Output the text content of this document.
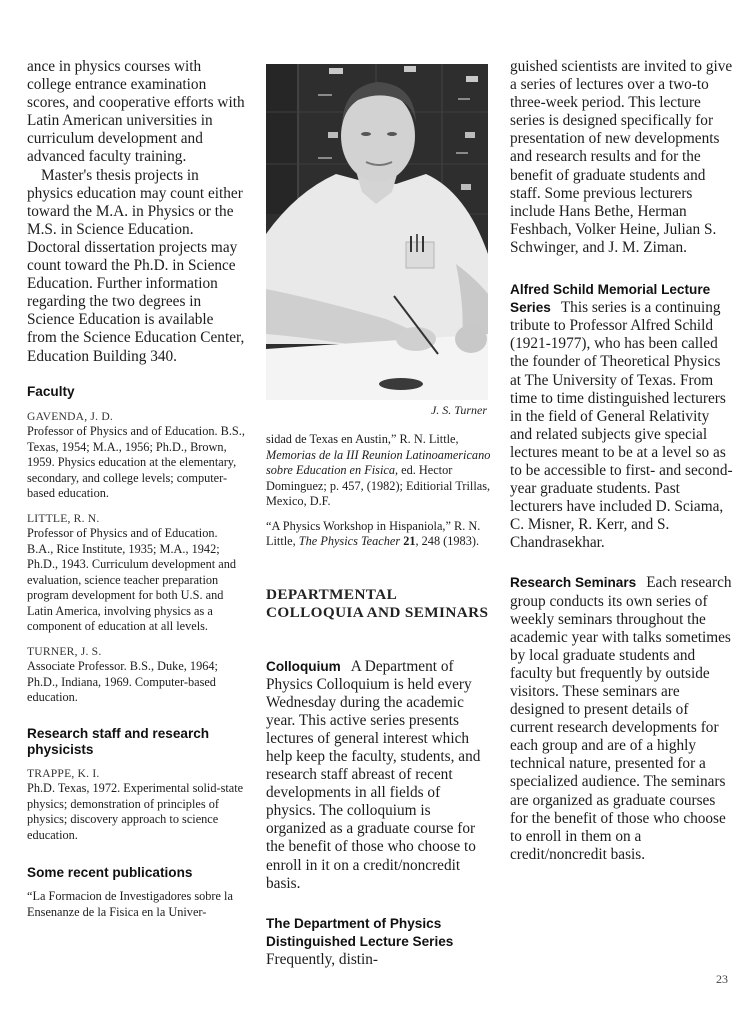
ance in physics courses with college entrance examination scores, and cooperative efforts with Latin American universities in curriculum development and advanced faculty training.

Master's thesis projects in physics education may count either toward the M.A. in Physics or the M.S. in Science Education. Doctoral dissertation projects may count toward the Ph.D. in Science Education. Further information regarding the two degrees in Science Education is available from the Science Education Center, Education Building 340.

Faculty

GAVENDA, J. D.

Professor of Physics and of Education. B.S., Texas, 1954; M.A., 1956; Ph.D., Brown, 1959. Physics education at the elementary, secondary, and college levels; computer-based education.

LITTLE, R. N.

Professor of Physics and of Education. B.A., Rice Institute, 1935; M.A., 1942; Ph.D., 1943. Curriculum development and evaluation, science teacher preparation program development for both U.S. and Latin America, involving physics as a component of education at all levels.

TURNER, J. S.

Associate Professor. B.S., Duke, 1964; Ph.D., Indiana, 1969. Computer-based education.

Research staff and research physicists

TRAPPE, K. I.

Ph.D. Texas, 1972. Experimental solid-state physics; demonstration of principles of physics; discovery approach to science education.

Some recent publications

“La Formacion de Investigadores sobre la Ensenanze de la Fisica en la Univer-

J. S. Turner

sidad de Texas en Austin,” R. N. Little, Memorias de la III Reunion Latinoamericano sobre Education en Fisica, ed. Hector Dominguez; p. 457, (1982); Editiorial Trillas, Mexico, D.F.

“A Physics Workshop in Hispaniola,” R. N. Little, The Physics Teacher 21, 248 (1983).

DEPARTMENTAL COLLOQUIA AND SEMINARS

Colloquium A Department of Physics Colloquium is held every Wednesday during the academic year. This active series presents lectures of general interest which help keep the faculty, students, and research staff abreast of recent developments in all fields of physics. The colloquium is organized as a graduate course for the benefit of those who choose to enroll in it on a credit/noncredit basis.

The Department of Physics Distinguished Lecture SeriesFrequently, distin-

guished scientists are invited to give a series of lectures over a two-to three-week period. This lecture series is designed specifically for presentation of new developments and research results and for the benefit of graduate students and staff. Some previous lecturers include Hans Bethe, Herman Feshbach, Volker Heine, Julian S. Schwinger, and J. M. Ziman.

Alfred Schild Memorial Lecture Series This series is a continuing tribute to Professor Alfred Schild (1921-1977), who has been called the founder of Theoretical Physics at The University of Texas. From time to time distinguished lecturers in the field of General Relativity and related subjects give special lectures meant to be at a level so as to be accessible to first- and second-year graduate students. Past lecturers have included D. Sciama, C. Misner, R. Kerr, and S. Chandrasekhar.

Research Seminars Each research group conducts its own series of weekly seminars throughout the academic year with talks sometimes by local graduate students and faculty but frequently by outside visitors. These seminars are designed to present details of current research developments for each group and are of a highly technical nature, presented for a specialized audience. The seminars are organized as graduate courses for the benefit of those who choose to enroll in them on a credit/noncredit basis.

23
